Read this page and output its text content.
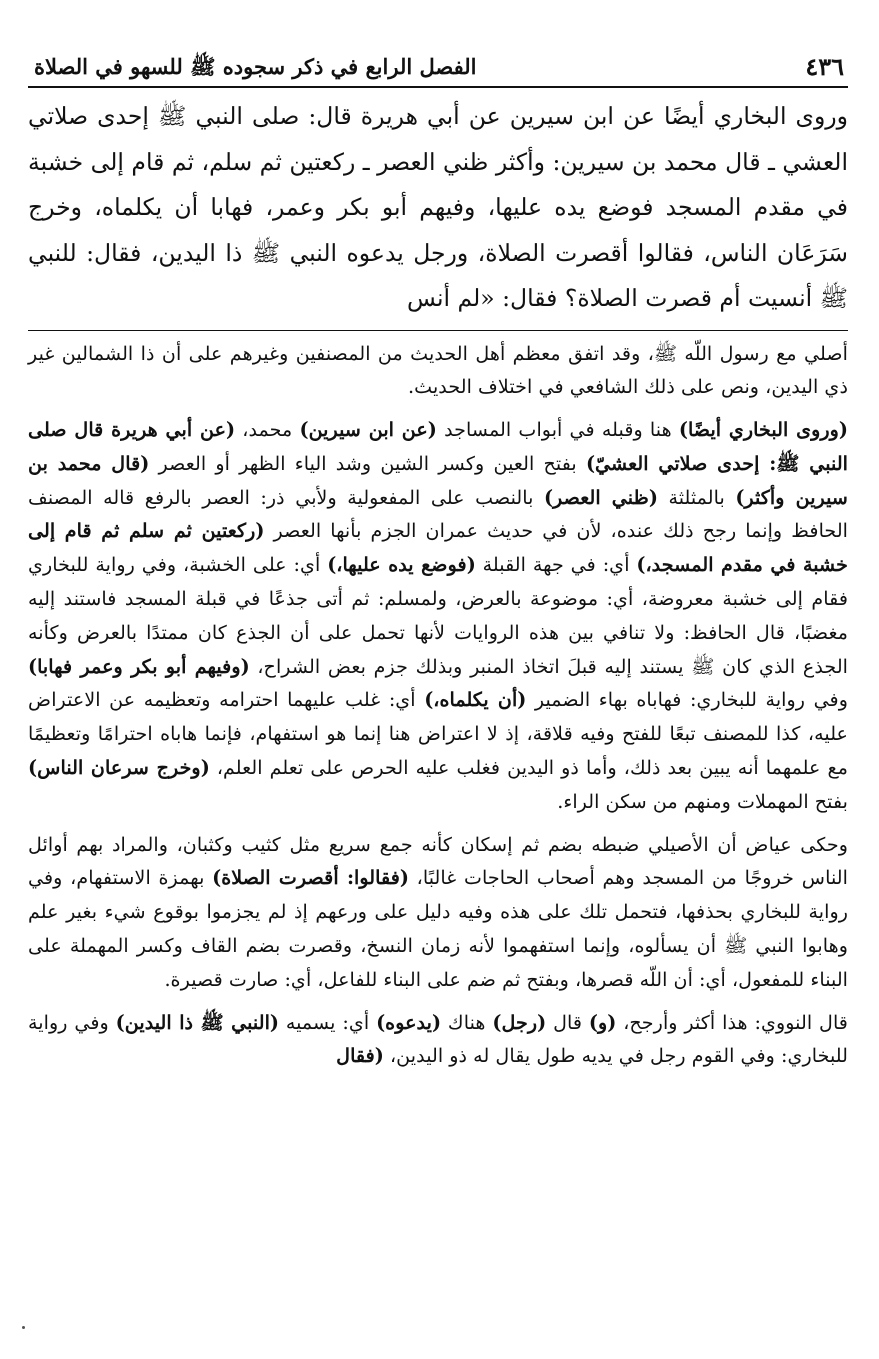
٤٣٦
الفصل الرابع في ذكر سجوده ﷺ للسهو في الصلاة

وروى البخاري أيضًا عن ابن سيرين عن أبي هريرة قال: صلى النبي ﷺ إحدى صلاتي العشي ـ قال محمد بن سيرين: وأكثر ظني العصر ـ ركعتين ثم سلم، ثم قام إلى خشبة في مقدم المسجد فوضع يده عليها، وفيهم أبو بكر وعمر، فهابا أن يكلماه، وخرج سَرَعَان الناس، فقالوا أقصرت الصلاة، ورجل يدعوه النبي ﷺ ذا اليدين، فقال: للنبي ﷺ أنسيت أم قصرت الصلاة؟ فقال: «لم أنس

أصلي مع رسول اللّه ﷺ، وقد اتفق معظم أهل الحديث من المصنفين وغيرهم على أن ذا الشمالين غير ذي اليدين، ونص على ذلك الشافعي في اختلاف الحديث.

(وروى البخاري أيضًا) هنا وقبله في أبواب المساجد (عن ابن سيرين) محمد، (عن أبي هريرة قال صلى النبي ﷺ: إحدى صلاتي العشيّ) بفتح العين وكسر الشين وشد الياء الظهر أو العصر (قال محمد بن سيرين وأكثر) بالمثلثة (ظني العصر) بالنصب على المفعولية ولأبي ذر: العصر بالرفع قاله المصنف الحافظ وإنما رجح ذلك عنده، لأن في حديث عمران الجزم بأنها العصر (ركعتين ثم سلم ثم قام إلى خشبة في مقدم المسجد،) أي: في جهة القبلة (فوضع يده عليها،) أي: على الخشبة، وفي رواية للبخاري فقام إلى خشبة معروضة، أي: موضوعة بالعرض، ولمسلم: ثم أتى جذعًا في قبلة المسجد فاستند إليه مغضبًا، قال الحافظ: ولا تنافي بين هذه الروايات لأنها تحمل على أن الجذع كان ممتدًا بالعرض وكأنه الجذع الذي كان ﷺ يستند إليه قبلَ اتخاذ المنبر وبذلك جزم بعض الشراح، (وفيهم أبو بكر وعمر فهابا) وفي رواية للبخاري: فهاباه بهاء الضمير (أن يكلماه،) أي: غلب عليهما احترامه وتعظيمه عن الاعتراض عليه، كذا للمصنف تبعًا للفتح وفيه قلاقة، إذ لا اعتراض هنا إنما هو استفهام، فإنما هاباه احترامًا وتعظيمًا مع علمهما أنه يبين بعد ذلك، وأما ذو اليدين فغلب عليه الحرص على تعلم العلم، (وخرج سرعان الناس) بفتح المهملات ومنهم من سكن الراء.

وحكى عياض أن الأصيلي ضبطه بضم ثم إسكان كأنه جمع سريع مثل كثيب وكثبان، والمراد بهم أوائل الناس خروجًا من المسجد وهم أصحاب الحاجات غالبًا، (فقالوا: أقصرت الصلاة) بهمزة الاستفهام، وفي رواية للبخاري بحذفها، فتحمل تلك على هذه وفيه دليل على ورعهم إذ لم يجزموا بوقوع شيء بغير علم وهابوا النبي ﷺ أن يسألوه، وإنما استفهموا لأنه زمان النسخ، وقصرت بضم القاف وكسر المهملة على البناء للمفعول، أي: أن اللّه قصرها، وبفتح ثم ضم على البناء للفاعل، أي: صارت قصيرة.

قال النووي: هذا أكثر وأرجح، (و) قال (رجل) هناك (يدعوه) أي: يسميه (النبي ﷺ ذا اليدين) وفي رواية للبخاري: وفي القوم رجل في يديه طول يقال له ذو اليدين، (فقال
